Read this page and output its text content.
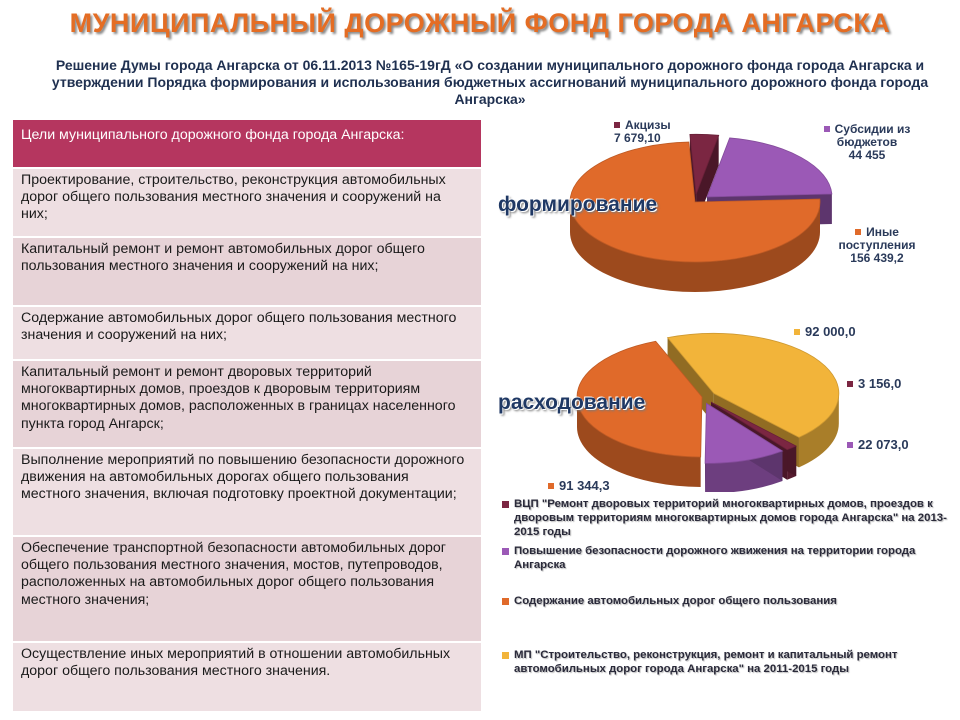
МУНИЦИПАЛЬНЫЙ ДОРОЖНЫЙ ФОНД ГОРОДА АНГАРСКА
Решение Думы города Ангарска от 06.11.2013 №165-19гД «О создании муниципального дорожного фонда города Ангарска и утверждении Порядка формирования и использования бюджетных ассигнований муниципального дорожного фонда города Ангарска»
Цели муниципального дорожного фонда города Ангарска:
Проектирование, строительство, реконструкция автомобильных дорог общего пользования местного значения и сооружений на них;
Капитальный ремонт и ремонт автомобильных дорог общего пользования местного значения и сооружений на них;
Содержание автомобильных дорог общего пользования местного значения и сооружений на них;
Капитальный ремонт и ремонт дворовых территорий многоквартирных домов, проездов к дворовым территориям многоквартирных домов, расположенных в границах населенного пункта город Ангарск;
Выполнение мероприятий по повышению безопасности дорожного движения на автомобильных дорогах общего пользования местного значения, включая подготовку проектной документации;
Обеспечение транспортной безопасности автомобильных дорог общего пользования местного значения, мостов, путепроводов, расположенных на автомобильных дорог общего пользования местного значения;
Осуществление иных мероприятий в отношении автомобильных дорог общего пользования местного значения.
Акцизы
7 679,10
Субсидии из бюджетов
44 455
Иные поступления
156 439,2
формирование
92 000,0
3 156,0
22 073,0
91 344,3
расходование
ВЦП "Ремонт дворовых территорий многоквартирных домов, проездов к дворовым территориям многоквартирных домов города Ангарска" на 2013-2015 годы
Повышение безопасности дорожного жвижения на территории города Ангарска
Содержание автомобильных дорог общего пользования
МП "Строительство, реконструкция, ремонт и капитальный ремонт автомобильных дорог города Ангарска" на 2011-2015 годы
